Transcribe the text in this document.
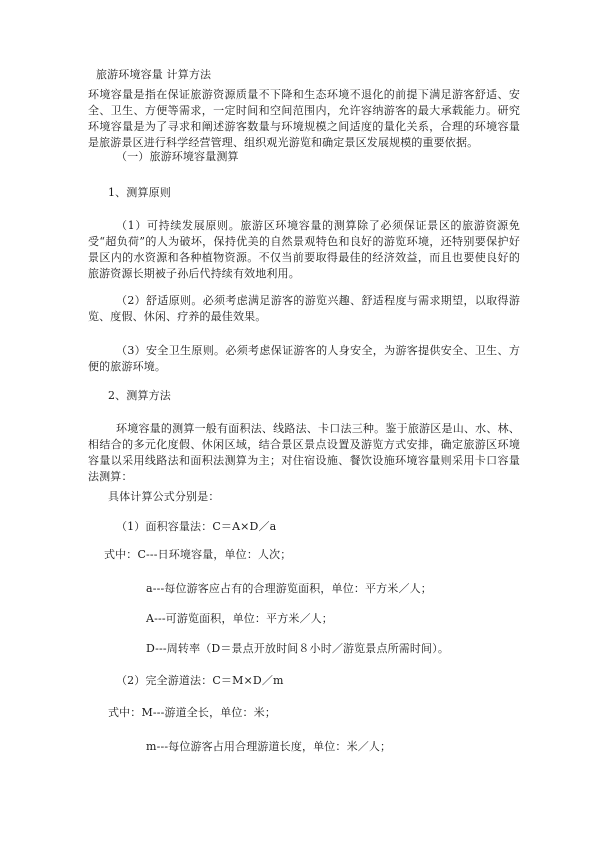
旅游环境容量 计算方法
环境容量是指在保证旅游资源质量不下降和生态环境不退化的前提下满足游客舒适、安全、卫生、方便等需求，一定时间和空间范围内，允许容纳游客的最大承载能力。研究环境容量是为了寻求和阐述游客数量与环境规模之间适度的量化关系，合理的环境容量是旅游景区进行科学经营管理、组织观光游览和确定景区发展规模的重要依据。
（一）旅游环境容量测算
1、测算原则
（1）可持续发展原则。旅游区环境容量的测算除了必须保证景区的旅游资源免受“超负荷”的人为破坏，保持优美的自然景观特色和良好的游览环境，还特别要保护好景区内的水资源和各种植物资源。不仅当前要取得最佳的经济效益，而且也要使良好的旅游资源长期被子孙后代持续有效地利用。
（2）舒适原则。必须考虑满足游客的游览兴趣、舒适程度与需求期望，以取得游览、度假、休闲、疗养的最佳效果。
（3）安全卫生原则。必须考虑保证游客的人身安全，为游客提供安全、卫生、方便的旅游环境。
2、测算方法
环境容量的测算一般有面积法、线路法、卡口法三种。鉴于旅游区是山、水、林、相结合的多元化度假、休闲区域，结合景区景点设置及游览方式安排，确定旅游区环境容量以采用线路法和面积法测算为主；对住宿设施、餐饮设施环境容量则采用卡口容量法测算：
具体计算公式分别是：
（1）面积容量法：C＝A×D／a
式中：C---日环境容量，单位：人次；
a---每位游客应占有的合理游览面积，单位：平方米／人；
A---可游览面积，单位：平方米／人；
D---周转率（D＝景点开放时间８小时／游览景点所需时间）。
（2）完全游道法：C＝M×D／m
式中：M---游道全长，单位：米；
m---每位游客占用合理游道长度，单位：米／人；
